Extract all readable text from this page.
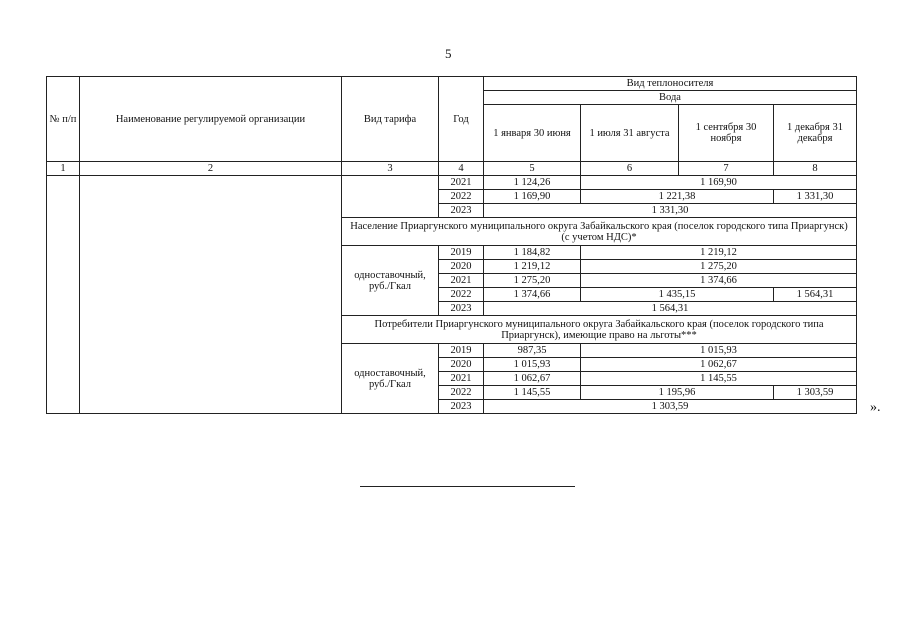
5
№ п/п	Наименование регулируемой организации	Вид тарифа	Год	Вид теплоносителя			
				Вода			
				1 января 30 июня	1 июля 31 августа	1 сентября 30 ноября	1 декабря 31 декабря
1	2	3	4	5	6	7	8
			2021	1 124,26	1 169,90		
			2022	1 169,90	1 221,38		1 331,30
			2023	1 331,30			
		Население Приаргунского муниципального округа Забайкальского края (поселок городского типа Приаргунск) (с учетом НДС)*					
		одноставочный, руб./Гкал	2019	1 184,82	1 219,12		
			2020	1 219,12	1 275,20		
			2021	1 275,20	1 374,66		
			2022	1 374,66	1 435,15		1 564,31
			2023	1 564,31			
		Потребители Приаргунского муниципального округа Забайкальского края (поселок городского типа Приаргунск), имеющие право на льготы***					
		одноставочный, руб./Гкал	2019	987,35	1 015,93		
			2020	1 015,93	1 062,67		
			2021	1 062,67	1 145,55		
			2022	1 145,55	1 195,96		1 303,59
			2023	1 303,59				».
